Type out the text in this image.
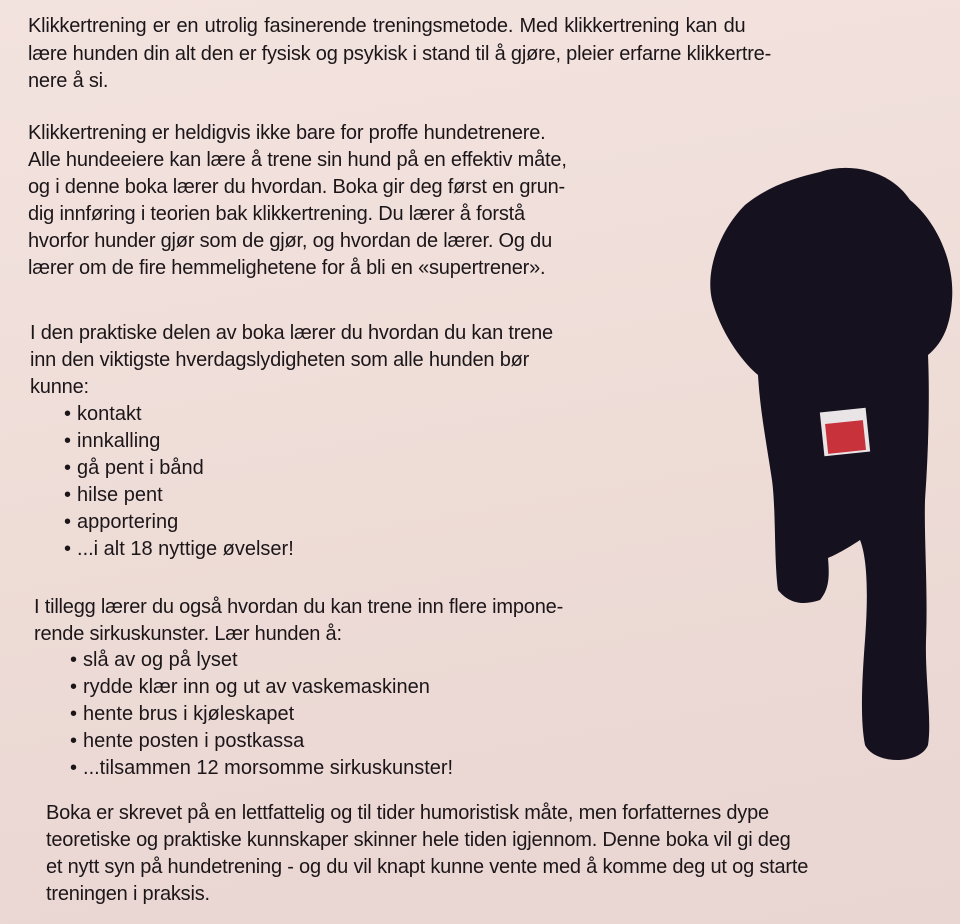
Klikkertrening er en utrolig fasinerende treningsmetode. Med klikkertrening kan du
lære hunden din alt den er fysisk og psykisk i stand til å gjøre, pleier erfarne klikkertre-
nere å si.
Klikkertrening er heldigvis ikke bare for proffe hundetrenere.
Alle hundeeiere kan lære å trene sin hund på en effektiv måte,
og i denne boka lærer du hvordan. Boka gir deg først en grun-
dig innføring i teorien bak klikkertrening. Du lærer å forstå
hvorfor hunder gjør som de gjør, og hvordan de lærer. Og du
lærer om de fire hemmelighetene for å bli en «supertrener».
I den praktiske delen av boka lærer du hvordan du kan trene
inn den viktigste hverdagslydigheten som alle hunden bør
kunne:
• kontakt
• innkalling
• gå pent i bånd
• hilse pent
• apportering
• ...i alt 18 nyttige øvelser!
I tillegg lærer du også hvordan du kan trene inn flere impone-
rende sirkuskunster. Lær hunden å:
• slå av og på lyset
• rydde klær inn og ut av vaskemaskinen
• hente brus i kjøleskapet
• hente posten i postkassa
• ...tilsammen 12 morsomme sirkuskunster!
Boka er skrevet på en lettfattelig og til tider humoristisk måte, men forfatternes dype
teoretiske og praktiske kunnskaper skinner hele tiden igjennom. Denne boka vil gi deg
et nytt syn på hundetrening - og du vil knapt kunne vente med å komme deg ut og starte
treningen i praksis.
